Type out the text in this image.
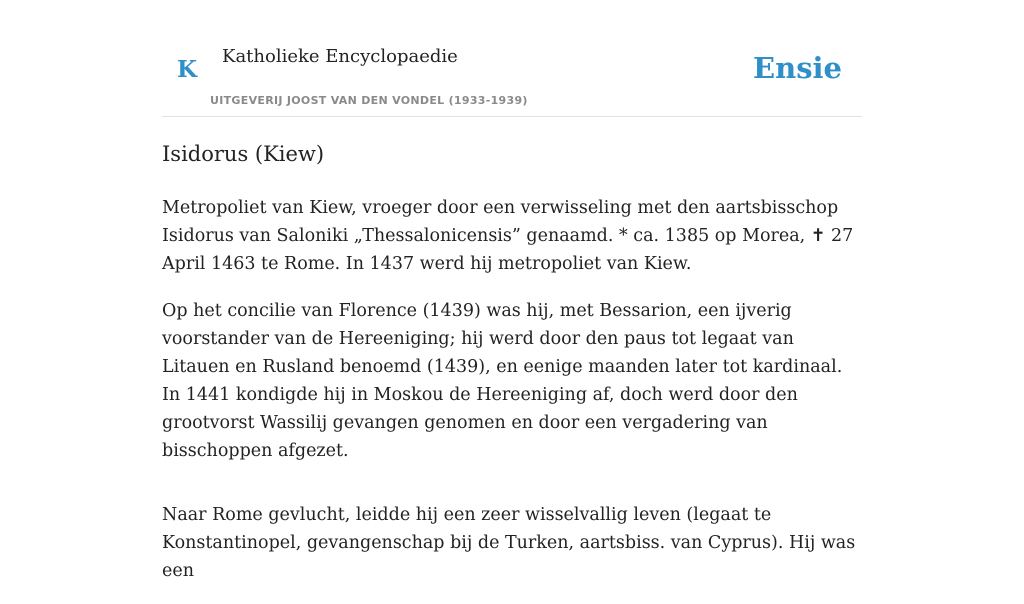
K Katholieke Encyclopaedie
UITGEVERIJ JOOST VAN DEN VONDEL (1933-1939)
Ensie
Isidorus (Kiew)

Metropoliet van Kiew, vroeger door een verwisseling met den aartsbisschop Isidorus van Saloniki „Thessalonicensis” genaamd. * ca. 1385 op Morea, ✝ 27 April 1463 te Rome. In 1437 werd hij metropoliet van Kiew.

Op het concilie van Florence (1439) was hij, met Bessarion, een ijverig voorstander van de Hereeniging; hij werd door den paus tot legaat van Litauen en Rusland benoemd (1439), en eenige maanden later tot kardinaal. In 1441 kondigde hij in Moskou de Hereeniging af, doch werd door den grootvorst Wassilij gevangen genomen en door een vergadering van bisschoppen afgezet.

Naar Rome gevlucht, leidde hij een zeer wisselvallig leven (legaat te Konstantinopel, gevangenschap bij de Turken, aartsbiss. van Cyprus). Hij was een
